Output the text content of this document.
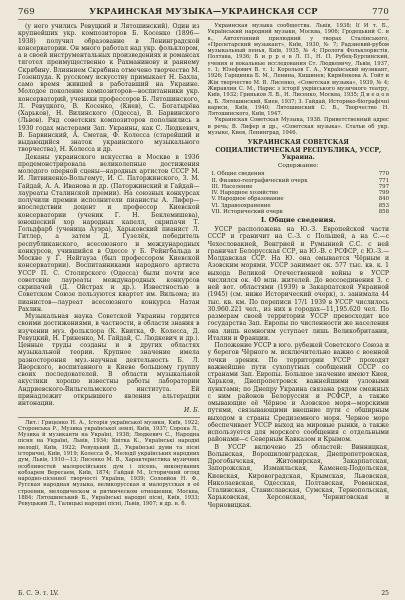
769	УКРАИНСКАЯ МУЗЫКА—УКРАИНСКАЯ ССР	770

(у него учились Ревуцкий и Лятошинский). Один из крупнейших укр. композиторов Б. Косенко (1896—1938) получил образование в Ленинградской консерватории. Он много работал над укр. фольклором, а в своей инструментальных произведениях и романсах тяготел преимущественно к Рахманинову и раннему Скрябину. Влиянием Скрябина отмечено творчество М. Гозенпуда. К русскому искусству примыкает Н. Бахла, само время жившей в работавший на Украине. Молодое поколение композиторов—воспитанники укр. консерваторий, ученики профессоров Б. Лятошинского, Л. Ревуцкого, В. Косенко, (Киев), С. Богатырёва (Харьков), Н. Вилинского (Одесса), В. Барвинского (Львов). Ряд советских композиторов пополнились в 1930 годах мастерами Зап. Украины, как С. Людкевич, В. Барвинский, А. Сметан, Ф. Колесса (старейший и выдающийся знаток украинского музыкального творчества), Н. Колесса и др.

Деканы украинского искусства в Москве в 1936 продемонстрировала великолепные достижения молодого оперной сцены—народных артистов СССР М. И. Литвиненко-Вольгемут, И. С. Паторжинского, З. М. Гайдай, А. А. Иванова и др. (Паторжинский и Гайдай—лауреаты Сталинской премии). На союзных конкурсах получили премии исполнители пианисты А. Лифер—впоследствии доцент и профессор Киевской консерватории (ученик Г. Н. Беклемишева), юношеский хор народных капелл, скрипачи Т. Гольдфарб (ученица Ауэра), Харьковский пианист Л. Гитлер, а затем Д. Гузелёк, победитель республиканского, всесоюзного и международных конкурсов, учившийся в Одессе у Б. Рейнгбальда и Москве у Г. Нейгауза (был профессором Киевской консерватории). Воспитанниками народного артиста УССР П. С. Столярского (Одесса) были почти все советские лауреаты международных конкурсов скрипачей (Д. Ойстрах и др.). Известностью в Советском Союзе пользуются квартет им. Вильома; из пианистов—лауреат всесоюзного конкурса Натан Рахлин.

Музыкальная наука Советской Украины гордится своими достижениями, в частности, в области знания в изучении муз. фольклора (К. Квитка, Ф. Колесса, Д. Ревуцкий, Н. Гриненко, М. Гайдай, С. Людкевич и др.). Ценные труды созданы и в других областях музыкальной теории. Крупное значение имела разностороння муз.-научная деятельность Б. Л. Яворского, воспитанного в Киеве большому группу своих последователей. В области музыкальной акустики хорошо известны работы лаборатории Андриевского-Вильгельмского института. Ей принадлежит открывшего явления альтерации интонации.

И. Б.

Лит.: Гриценко Н. А., Історія української музики, Київ, 1922; Сторонська Р., Музика української землі, Київ, 1937; Сорока Л., Музика й музиканти на Україні, 1938; Людкевич С., Народна пісня на Україні, Львів, 1934; Квітка К., Українські народні мелодії, Київ, 1922; Ревуцький Д., Українські думи та пісні історичні, Київ, 1919; Колесса Ф., Мелодії українських народних дум, Львів, 1910—13; Лисенко М. В., Характеристика музичних особливостей малоросійських дум і пісень, виконуваних кобзарем Вересаем, Київ, 1874; Гайдай М., Історичний огляд народно-пісенної творчості України, 1939; Соловйов Н. Ф., Русская народная музыка, великорусская и малорусская в её строении, мелодическом и ритмическом отношении, Москва, 1884; Лятошинський Б., Українські народні пісні, Київ, 1933; Ревуцький Л., Галицькі народні пісні, Львів, 1907; и др. н. б.

Украинская музыка сообщества. Львів, 1938; Її И т. Б., Український народний музыки, Москва, 1906; Гродецький С. и в., Автохтонний прилюдний у творах Сталінського, «Пролетарский музыкант», Київ, 1930, № 7; Радзиевий-рубом музыкальный пенья, Київ, 1935, № 4; Прологи Фольклористів, Полтава, 1936; Б и р р е в Л. П., Н. П. Рубец-Бурлинский, учения и вокальные исследования Ст. Людкевичу, Львів, 1937, т. 1; Юзефович В. т. 1; Корольов Г. А., Український музикант, 1926; Гарщинка Б. М., Ленина, Кишинев; Кириёнкова А. Гойт и Жін творчество М. В. Лисенко, «Советская музыка», 1939, № 4; Жиравлин С. М., Нарис з історії укрінського музичного театру, Київ, 1932; Гриньков Л. В., Н. Лисенко, Москва, 1935; Д и е ц о в а, Б. Лятошинский, Киев, 1937; З. Гайдай, Историко-біографічні нариси, Київ, 1940; Лятошинский С. В., Творчество Н. Лятошинского, Київ, 1947.

Украинская Советская Музыка, 1938. Приветственный адрес и речь; В. Лифер и др., «Советская музыка». Статьи об укр. музыке, Киев, Ленинград, 1946.

УКРАИНСКАЯ СОВЕТСКАЯ СОЦИАЛИСТИЧЕСКАЯ РЕСПУБЛИКА, УССР, Украина.
Содержание:
I. Общие сведения	770
II. Физико-географический очерк	771
III. Население	797
IV. Народное хозяйство	799
V. Народное образование	840
VI. Здравоохранение	853
VII. Исторический очерк	858
I. Общие сведения.

УССР расположена на Ю.-З. Европейской части СССР и граничит на С.-З. с Польшей, а на С.—с Чехословакией, Венгрией и Румынией С.С. с ней граничат Белорусская ССР, на Ю.-В. с РСФСР, с Ю.-З.—Молдавская ССР. На Ю. она омывается Чёрным и Азовским морями. УССР занимает ок. 577 тыс. кв. к. 1 выхода Великой Отечественной войны в УССР числился ок. 40 млн. жителей. До воссоединения З. с ней вот. областями (1939) в Закарпатской Украиной (1945) (см. ниже Исторический очерк), з. занимала 44 тыс. кв. км. По переписи 17/1 1939 в УССР числилось 30.960.221 чел., из них в городах—11,195.620 чел. По размерам своей территории УССР превосходит все государства Зап. Европы по численности же населения она лишь немногим уступает лишь Великобритании, Италии и Франции.

Положение УССР в юго. рубежей Советского Союза и у берегов Чёрного м. исключительно важно с военной точки зрения. По территории УССР проходят важнейшие пути сухопутных сообщений СССР со странами Зап. Европы. Большое значение имеют Киев, Харьков, Днепропетровск важнейшими узловыми пунктами; по Днепру Украина связана рядом смежных с ним районов Белоруссии и РСФСР, а также омывающие её Чёрное и Азовское моря—морскими путями, связывающими внешние пути с обширным выходом в страны Средиземного моря. Черное море обеспечивает УССР выход на мировые рынки, а также используется для морского сообщения с отдельными районами—с Северным Кавказом и Крымом.

В УССР включено 25 областей: Винницкая, Волынская, Ворошиловградская, Днепропетровская, Дрогобычская, Житомирская, Закарпатская, Запорожская, Измаильская, Каменец-Подольская, Киевская, Кировоградская, Крымская, Львовская, Николаевская, Одесская, Полтавская, Ровенская, Сталинская, Станиславская, Сумская, Тернопольская, Харьковская, Херсонская, Черниговская и Черновицкая.

Б. С. Э. т. LV.	25
